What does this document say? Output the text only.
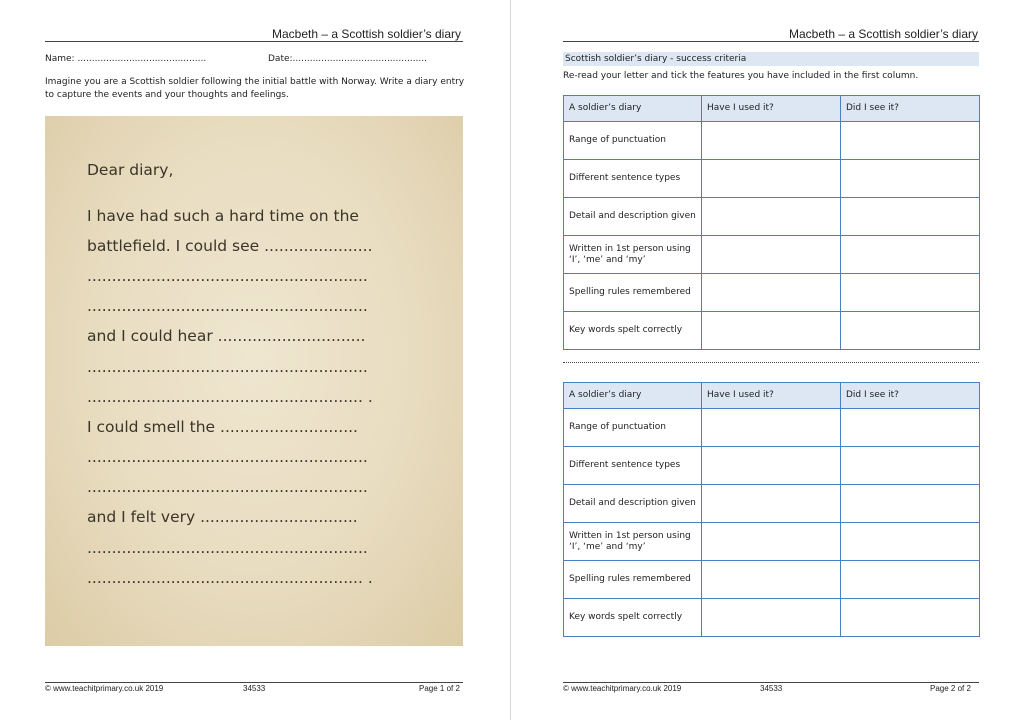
Macbeth – a Scottish soldier’s diary
Name: .............................................	Date:...............................................
Imagine you are a Scottish soldier following the initial battle with Norway. Write a diary entry to capture the events and your thoughts and feelings.
Dear diary,
I have had such a hard time on the
battlefield. I could see ......................
.........................................................
.........................................................
and I could hear ..............................
.........................................................
........................................................ .
I could smell the ............................
.........................................................
.........................................................
and I felt very ................................
.........................................................
........................................................ .
© www.teachitprimary.co.uk 2019	34533	Page 1 of 2
Macbeth – a Scottish soldier’s diary
Scottish soldier’s diary - success criteria
Re-read your letter and tick the features you have included in the first column.
A soldier’s diary	Have I used it?	Did I see it?
Range of punctuation		
Different sentence types		
Detail and description given		
Written in 1st person using ‘I’, ‘me’ and ‘my’		
Spelling rules remembered		
Key words spelt correctly		
A soldier’s diary	Have I used it?	Did I see it?
Range of punctuation		
Different sentence types		
Detail and description given		
Written in 1st person using ‘I’, ‘me’ and ‘my’		
Spelling rules remembered		
Key words spelt correctly		
© www.teachitprimary.co.uk 2019	34533	Page 2 of 2
